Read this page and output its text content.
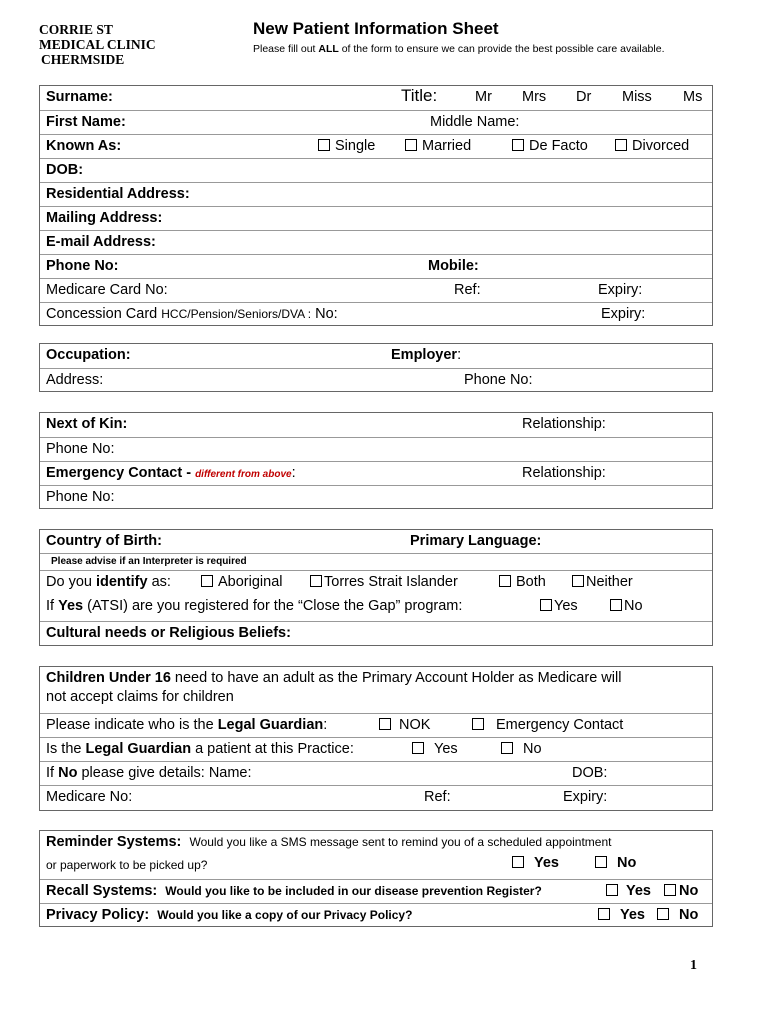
CORRIE ST
MEDICAL CLINIC
CHERMSIDE
New Patient Information Sheet
Please fill out ALL of the form to ensure we can provide the best possible care available.
Surname:	Title:	Mr Mrs Dr Miss Ms
First Name:	Middle Name:
Known As:	Single	Married	De Facto	Divorced
DOB:
Residential Address:
Mailing Address:
E-mail Address:
Phone No:	Mobile:
Medicare Card No:	Ref:	Expiry:
Concession Card HCC/Pension/Seniors/DVA : No:	Expiry:
Occupation:	Employer:
Address:	Phone No:
Next of Kin:	Relationship:
Phone No:
Emergency Contact - different from above:	Relationship:
Phone No:
Country of Birth:	Primary Language:
Please advise if an Interpreter is required
Do you identify as:	Aboriginal	Torres Strait Islander	Both	Neither
If Yes (ATSI) are you registered for the “Close the Gap” program:	Yes	No
Cultural needs or Religious Beliefs:
Children Under 16 need to have an adult as the Primary Account Holder as Medicare will
not accept claims for children
Please indicate who is the Legal Guardian:	NOK	Emergency Contact
Is the Legal Guardian a patient at this Practice:	Yes	No
If No please give details: Name:	DOB:
Medicare No:	Ref:	Expiry:
Reminder Systems: Would you like a SMS message sent to remind you of a scheduled appointment
or paperwork to be picked up?	Yes	No
Recall Systems: Would you like to be included in our disease prevention Register?	Yes	No
Privacy Policy: Would you like a copy of our Privacy Policy?	Yes	No
1
